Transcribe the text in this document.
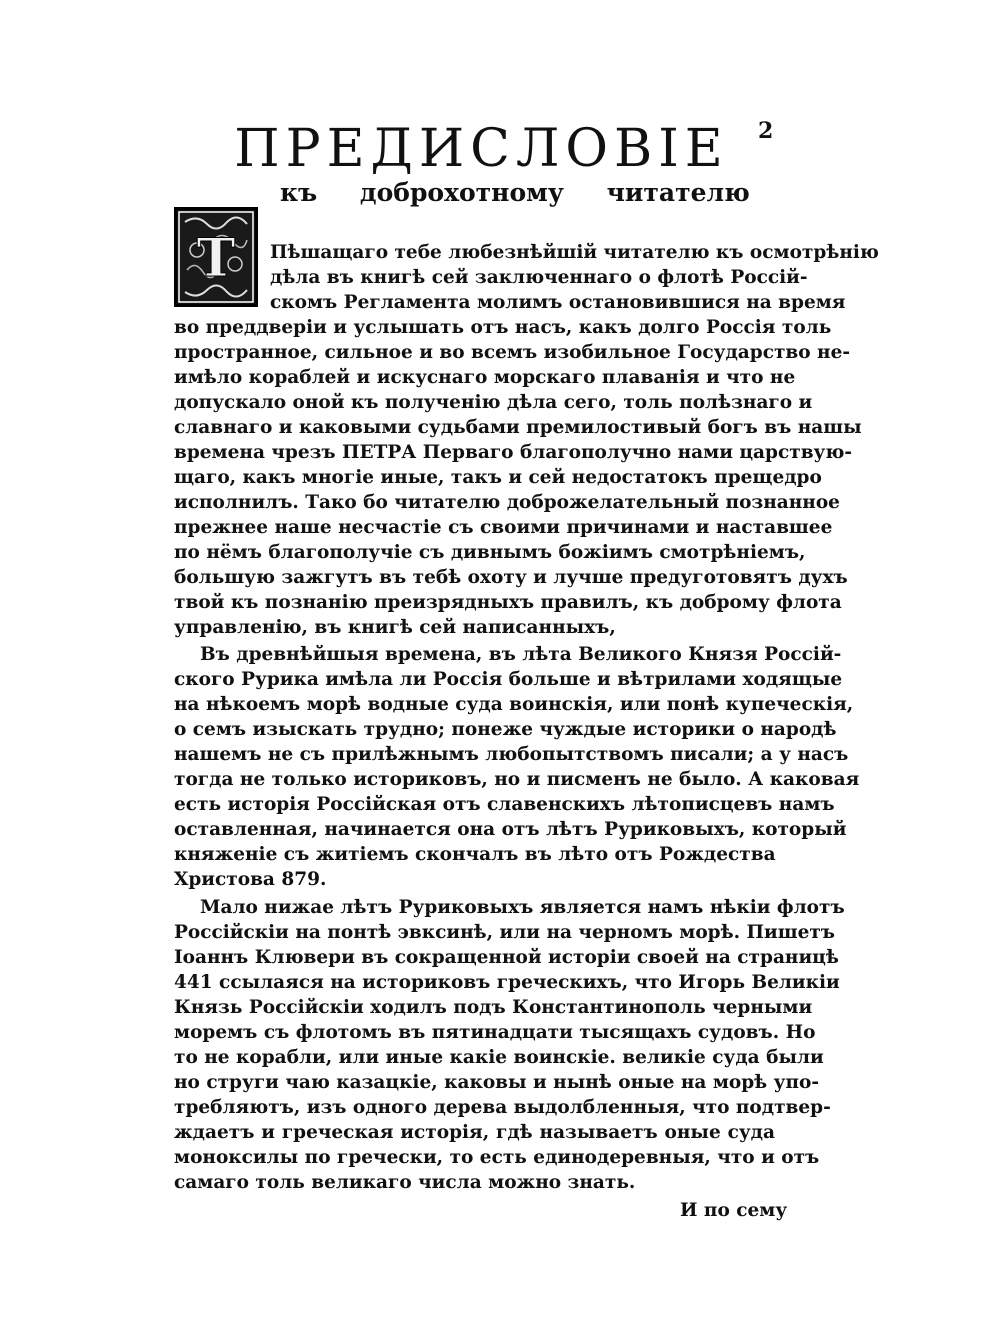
2
ПРЕДИСЛОВIЕ
къ доброхотному читателю
Т Пѣшащаго тебе любезнѣйшiй читателю къ осмотрѣнiю
дѣла въ книгѣ сей заключеннаго о флотѣ Россiй-
скомъ Регламента молимъ остановившися на время
во преддверiи и услышать отъ насъ, какъ долго Россiя толь
пространное, сильное и во всемъ изобильное Государство не-
имѣло кораблей и искуснаго морскаго плаванiя и что не
допускало оной къ полученiю дѣла сего, толь полѣзнаго и
славнаго и каковыми судьбами премилостивый богъ въ нашы
времена чрезъ ПЕТРА Перваго благополучно нами царствую-
щаго, какъ многiе иные, такъ и сей недостатокъ прещедро
исполнилъ. Тако бо читателю доброжелательный познанное
прежнее наше несчастiе съ своими причинами и наставшее
по нёмъ благополучiе съ дивнымъ божiимъ смотрѣнiемъ,
большую зажгутъ въ тебѣ охоту и лучше предуготовятъ духъ
твой къ познанiю преизрядныхъ правилъ, къ доброму флота
управленiю, въ книгѣ сей написанныхъ,
Въ древнѣйшыя времена, въ лѣта Великого Князя Россiй-
ского Рурика имѣла ли Россiя больше и вѣтрилами ходящые
на нѣкоемъ морѣ водные суда воинскiя, или понѣ купеческiя,
о семъ изыскать трудно; понеже чуждые историки о народѣ
нашемъ не съ прилѣжнымъ любопытствомъ писали; а у насъ
тогда не только историковъ, но и писменъ не было. А каковая
есть исторiя Россiйская отъ славенскихъ лѣтописцевъ намъ
оставленная, начинается она отъ лѣтъ Руриковыхъ, который
княженiе съ житiемъ скончалъ въ лѣто отъ Рождества
Христова 879.
Мало нижае лѣтъ Руриковыхъ является намъ нѣкiи флотъ
Россiйскiи на понтѣ эвксинѣ, или на черномъ морѣ. Пишетъ
Iоаннъ Клювери въ сокращенной исторiи своей на страницѣ
441 ссылаяся на историковъ греческихъ, что Игорь Великiи
Князь Россiйскiи ходилъ подъ Константинополь черными
моремъ съ флотомъ въ пятинадцати тысящахъ судовъ. Но
то не корабли, или иные какiе воинскiе. великiе суда были
но струги чаю казацкiе, каковы и нынѣ оные на морѣ упо-
требляютъ, изъ одного дерева выдолбленныя, что подтвер-
ждаетъ и греческая исторiя, гдѣ называетъ оные суда
моноксилы по гречески, то есть единодеревныя, что и отъ
самаго толь великаго числа можно знать.
И по сему
